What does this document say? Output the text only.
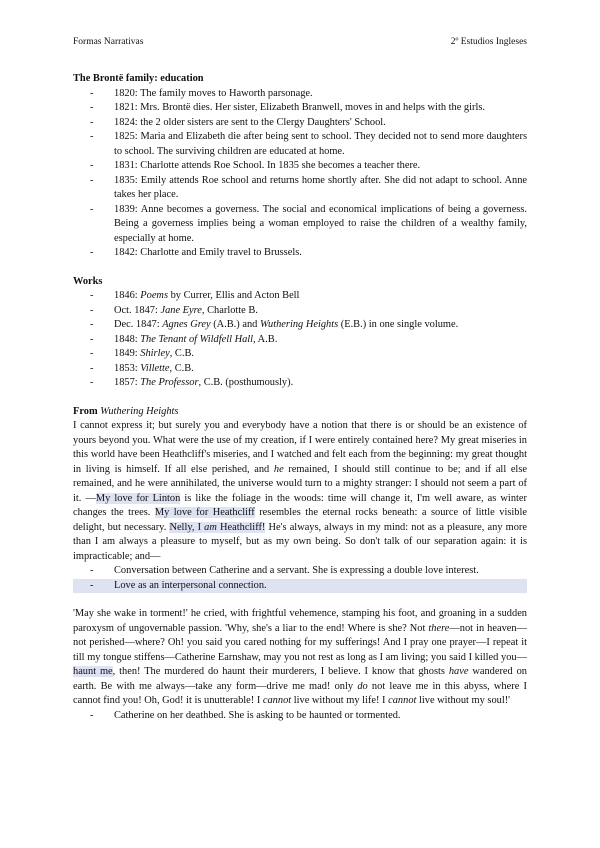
Formas Narrativas	2º Estudios Ingleses
The Brontë family: education
- 1820: The family moves to Haworth parsonage.
- 1821: Mrs. Brontë dies. Her sister, Elizabeth Branwell, moves in and helps with the girls.
- 1824: the 2 older sisters are sent to the Clergy Daughters' School.
- 1825: Maria and Elizabeth die after being sent to school. They decided not to send more daughters to school. The surviving children are educated at home.
- 1831: Charlotte attends Roe School. In 1835 she becomes a teacher there.
- 1835: Emily attends Roe school and returns home shortly after. She did not adapt to school. Anne takes her place.
- 1839: Anne becomes a governess. The social and economical implications of being a governess. Being a governess implies being a woman employed to raise the children of a wealthy family, especially at home.
- 1842: Charlotte and Emily travel to Brussels.
Works
- 1846: Poems by Currer, Ellis and Acton Bell
- Oct. 1847: Jane Eyre, Charlotte B.
- Dec. 1847: Agnes Grey (A.B.) and Wuthering Heights (E.B.) in one single volume.
- 1848: The Tenant of Wildfell Hall, A.B.
- 1849: Shirley, C.B.
- 1853: Villette, C.B.
- 1857: The Professor, C.B. (posthumously).
From Wuthering Heights

I cannot express it; but surely you and everybody have a notion that there is or should be an existence of yours beyond you. What were the use of my creation, if I were entirely contained here? My great miseries in this world have been Heathcliff's miseries, and I watched and felt each from the beginning: my great thought in living is himself. If all else perished, and he remained, I should still continue to be; and if all else remained, and he were annihilated, the universe would turn to a mighty stranger: I should not seem a part of it. —My love for Linton is like the foliage in the woods: time will change it, I'm well aware, as winter changes the trees. My love for Heathcliff resembles the eternal rocks beneath: a source of little visible delight, but necessary. Nelly, I am Heathcliff! He's always, always in my mind: not as a pleasure, any more than I am always a pleasure to myself, but as my own being. So don't talk of our separation again: it is impracticable; and—

- Conversation between Catherine and a servant. She is expressing a double love interest.
- Love as an interpersonal connection.

'May she wake in torment!' he cried, with frightful vehemence, stamping his foot, and groaning in a sudden paroxysm of ungovernable passion. 'Why, she's a liar to the end! Where is she? Not there—not in heaven—not perished—where? Oh! you said you cared nothing for my sufferings! And I pray one prayer—I repeat it till my tongue stiffens—Catherine Earnshaw, may you not rest as long as I am living; you said I killed you—haunt me, then! The murdered do haunt their murderers, I believe. I know that ghosts have wandered on earth. Be with me always—take any form—drive me mad! only do not leave me in this abyss, where I cannot find you! Oh, God! it is unutterable! I cannot live without my life! I cannot live without my soul!'

- Catherine on her deathbed. She is asking to be haunted or tormented.
